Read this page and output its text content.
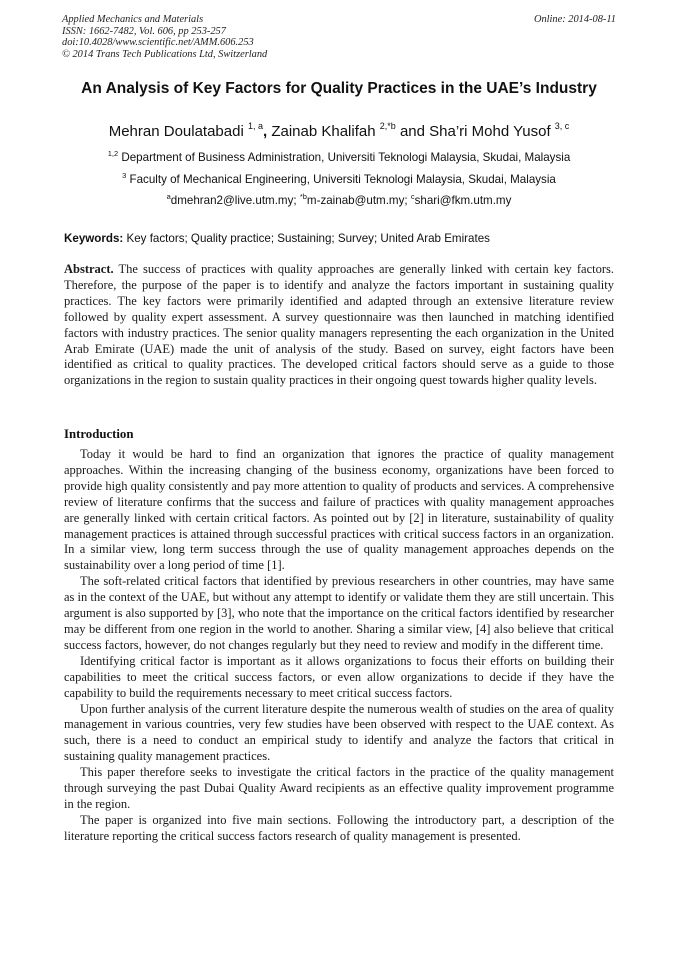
Applied Mechanics and Materials
ISSN: 1662-7482, Vol. 606, pp 253-257
doi:10.4028/www.scientific.net/AMM.606.253
© 2014 Trans Tech Publications Ltd, Switzerland
Online: 2014-08-11
An Analysis of Key Factors for Quality Practices in the UAE’s Industry
Mehran Doulatabadi $^{1, a}$, Zainab Khalifah $^{2,*b}$ and Sha’ri Mohd Yusof $^{3, c}$
$^{1,2}$ Department of Business Administration, Universiti Teknologi Malaysia, Skudai, Malaysia
$^3$ Faculty of Mechanical Engineering, Universiti Teknologi Malaysia, Skudai, Malaysia
$^a$dmehran2@live.utm.my; $^{*b}$m-zainab@utm.my; $^c$shari@fkm.utm.my
Keywords: Key factors; Quality practice; Sustaining; Survey; United Arab Emirates

Abstract. The success of practices with quality approaches are generally linked with certain key factors. Therefore, the purpose of the paper is to identify and analyze the factors important in sustaining quality practices. The key factors were primarily identified and adapted through an extensive literature review followed by quality expert assessment. A survey questionnaire was then launched in matching identified factors with industry practices. The senior quality managers representing the each organization in the United Arab Emirate (UAE) made the unit of analysis of the study. Based on survey, eight factors have been identified as critical to quality practices. The developed critical factors should serve as a guide to those organizations in the region to sustain quality practices in their ongoing quest towards higher quality levels.

Introduction

Today it would be hard to find an organization that ignores the practice of quality management approaches. Within the increasing changing of the business economy, organizations have been forced to provide high quality consistently and pay more attention to quality of products and services. A comprehensive review of literature confirms that the success and failure of practices with quality management approaches are generally linked with certain critical factors. As pointed out by [2] in literature, sustainability of quality management practices is attained through successful practices with critical success factors in an organization. In a similar view, long term success through the use of quality management approaches depends on the sustainability over a long period of time [1].

The soft-related critical factors that identified by previous researchers in other countries, may have same as in the context of the UAE, but without any attempt to identify or validate them they are still uncertain. This argument is also supported by [3], who note that the importance on the critical factors identified by researcher may be different from one region in the world to another. Sharing a similar view, [4] also believe that critical success factors, however, do not changes regularly but they need to review and modify in the different time.

Identifying critical factor is important as it allows organizations to focus their efforts on building their capabilities to meet the critical success factors, or even allow organizations to decide if they have the capability to build the requirements necessary to meet critical success factors.

Upon further analysis of the current literature despite the numerous wealth of studies on the area of quality management in various countries, very few studies have been observed with respect to the UAE context. As such, there is a need to conduct an empirical study to identify and analyze the factors that critical in sustaining quality management practices.

This paper therefore seeks to investigate the critical factors in the practice of the quality management through surveying the past Dubai Quality Award recipients as an effective quality improvement programme in the region.

The paper is organized into five main sections. Following the introductory part, a description of the literature reporting the critical success factors research of quality management is presented.
